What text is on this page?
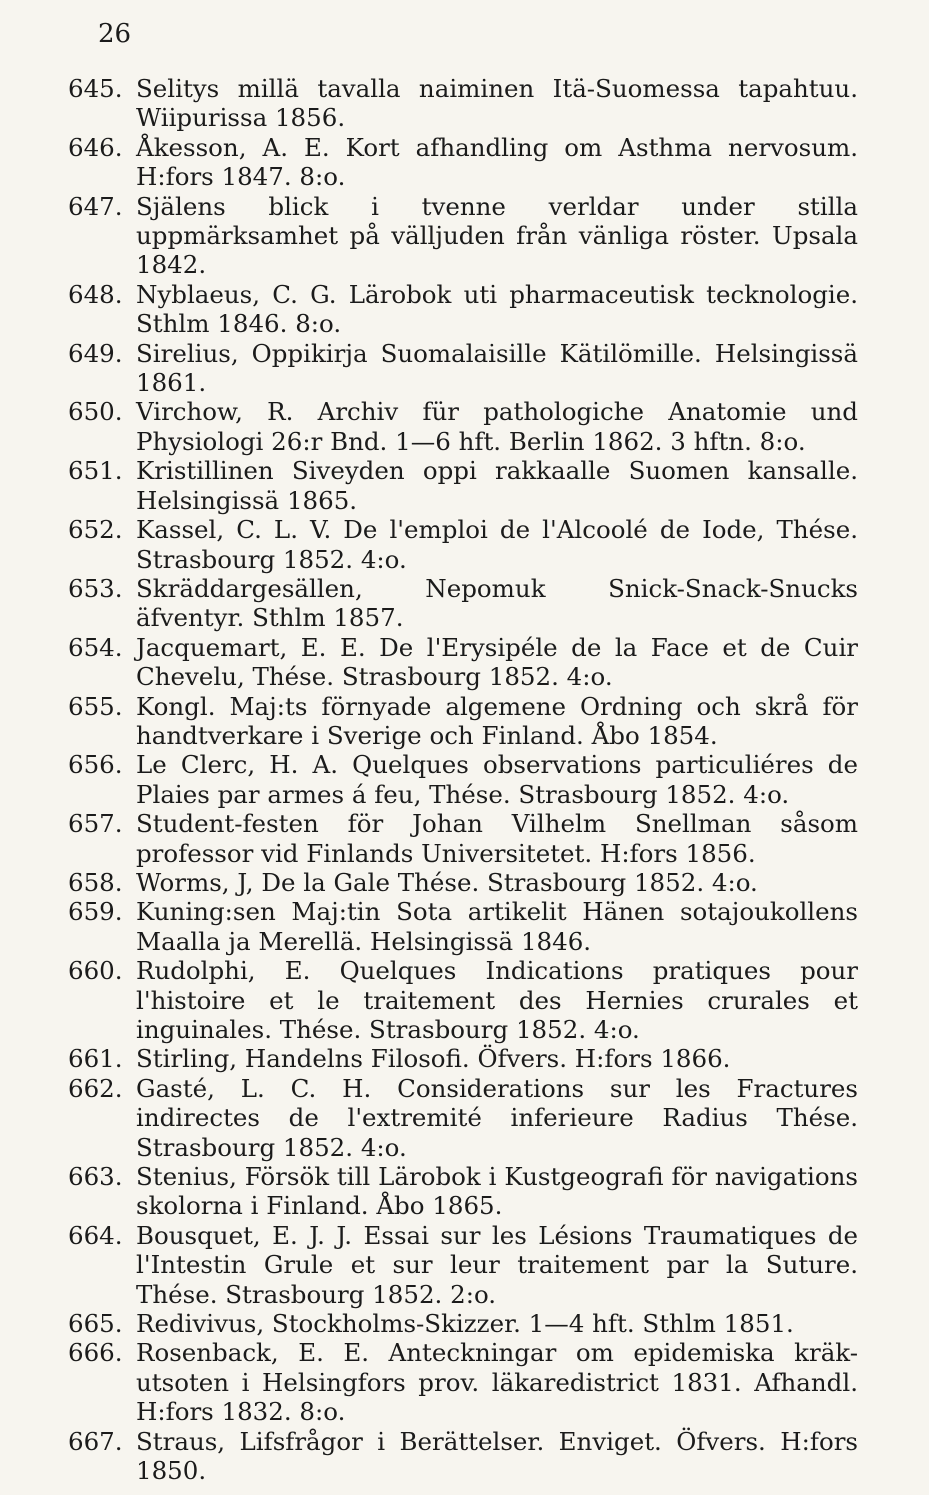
26

645. Selitys millä tavalla naiminen Itä-Suomessa tapahtuu. Wiipurissa 1856.

646. Åkesson, A. E. Kort afhandling om Asthma nervosum. H:fors 1847. 8:o.

647. Själens blick i tvenne verldar under stilla uppmärksamhet på välljuden från vänliga röster. Upsala 1842.

648. Nyblaeus, C. G. Lärobok uti pharmaceutisk tecknologie. Sthlm 1846. 8:o.

649. Sirelius, Oppikirja Suomalaisille Kätilömille. Helsingissä 1861.

650. Virchow, R. Archiv für pathologiche Anatomie und Physiologi 26:r Bnd. 1—6 hft. Berlin 1862. 3 hftn. 8:o.

651. Kristillinen Siveyden oppi rakkaalle Suomen kansalle. Helsingissä 1865.

652. Kassel, C. L. V. De l'emploi de l'Alcoolé de Iode, Thése. Strasbourg 1852. 4:o.

653. Skräddargesällen, Nepomuk Snick-Snack-Snucks äfventyr. Sthlm 1857.

654. Jacquemart, E. E. De l'Erysipéle de la Face et de Cuir Chevelu, Thése. Strasbourg 1852. 4:o.

655. Kongl. Maj:ts förnyade algemene Ordning och skrå för handtverkare i Sverige och Finland. Åbo 1854.

656. Le Clerc, H. A. Quelques observations particuliéres de Plaies par armes á feu, Thése. Strasbourg 1852. 4:o.

657. Student-festen för Johan Vilhelm Snellman såsom professor vid Finlands Universitetet. H:fors 1856.

658. Worms, J, De la Gale Thése. Strasbourg 1852. 4:o.

659. Kuning:sen Maj:tin Sota artikelit Hänen sotajoukollens Maalla ja Merellä. Helsingissä 1846.

660. Rudolphi, E. Quelques Indications pratiques pour l'histoire et le traitement des Hernies crurales et inguinales. Thése. Strasbourg 1852. 4:o.

661. Stirling, Handelns Filosofi. Öfvers. H:fors 1866.

662. Gasté, L. C. H. Considerations sur les Fractures indirectes de l'extremité inferieure Radius Thése. Strasbourg 1852. 4:o.

663. Stenius, Försök till Lärobok i Kustgeografi för navigations skolorna i Finland. Åbo 1865.

664. Bousquet, E. J. J. Essai sur les Lésions Traumatiques de l'Intestin Grule et sur leur traitement par la Suture. Thése. Strasbourg 1852. 2:o.

665. Redivivus, Stockholms-Skizzer. 1—4 hft. Sthlm 1851.

666. Rosenback, E. E. Anteckningar om epidemiska kräk-utsoten i Helsingfors prov. läkaredistrict 1831. Afhandl. H:fors 1832. 8:o.

667. Straus, Lifsfrågor i Berättelser. Enviget. Öfvers. H:fors 1850.
